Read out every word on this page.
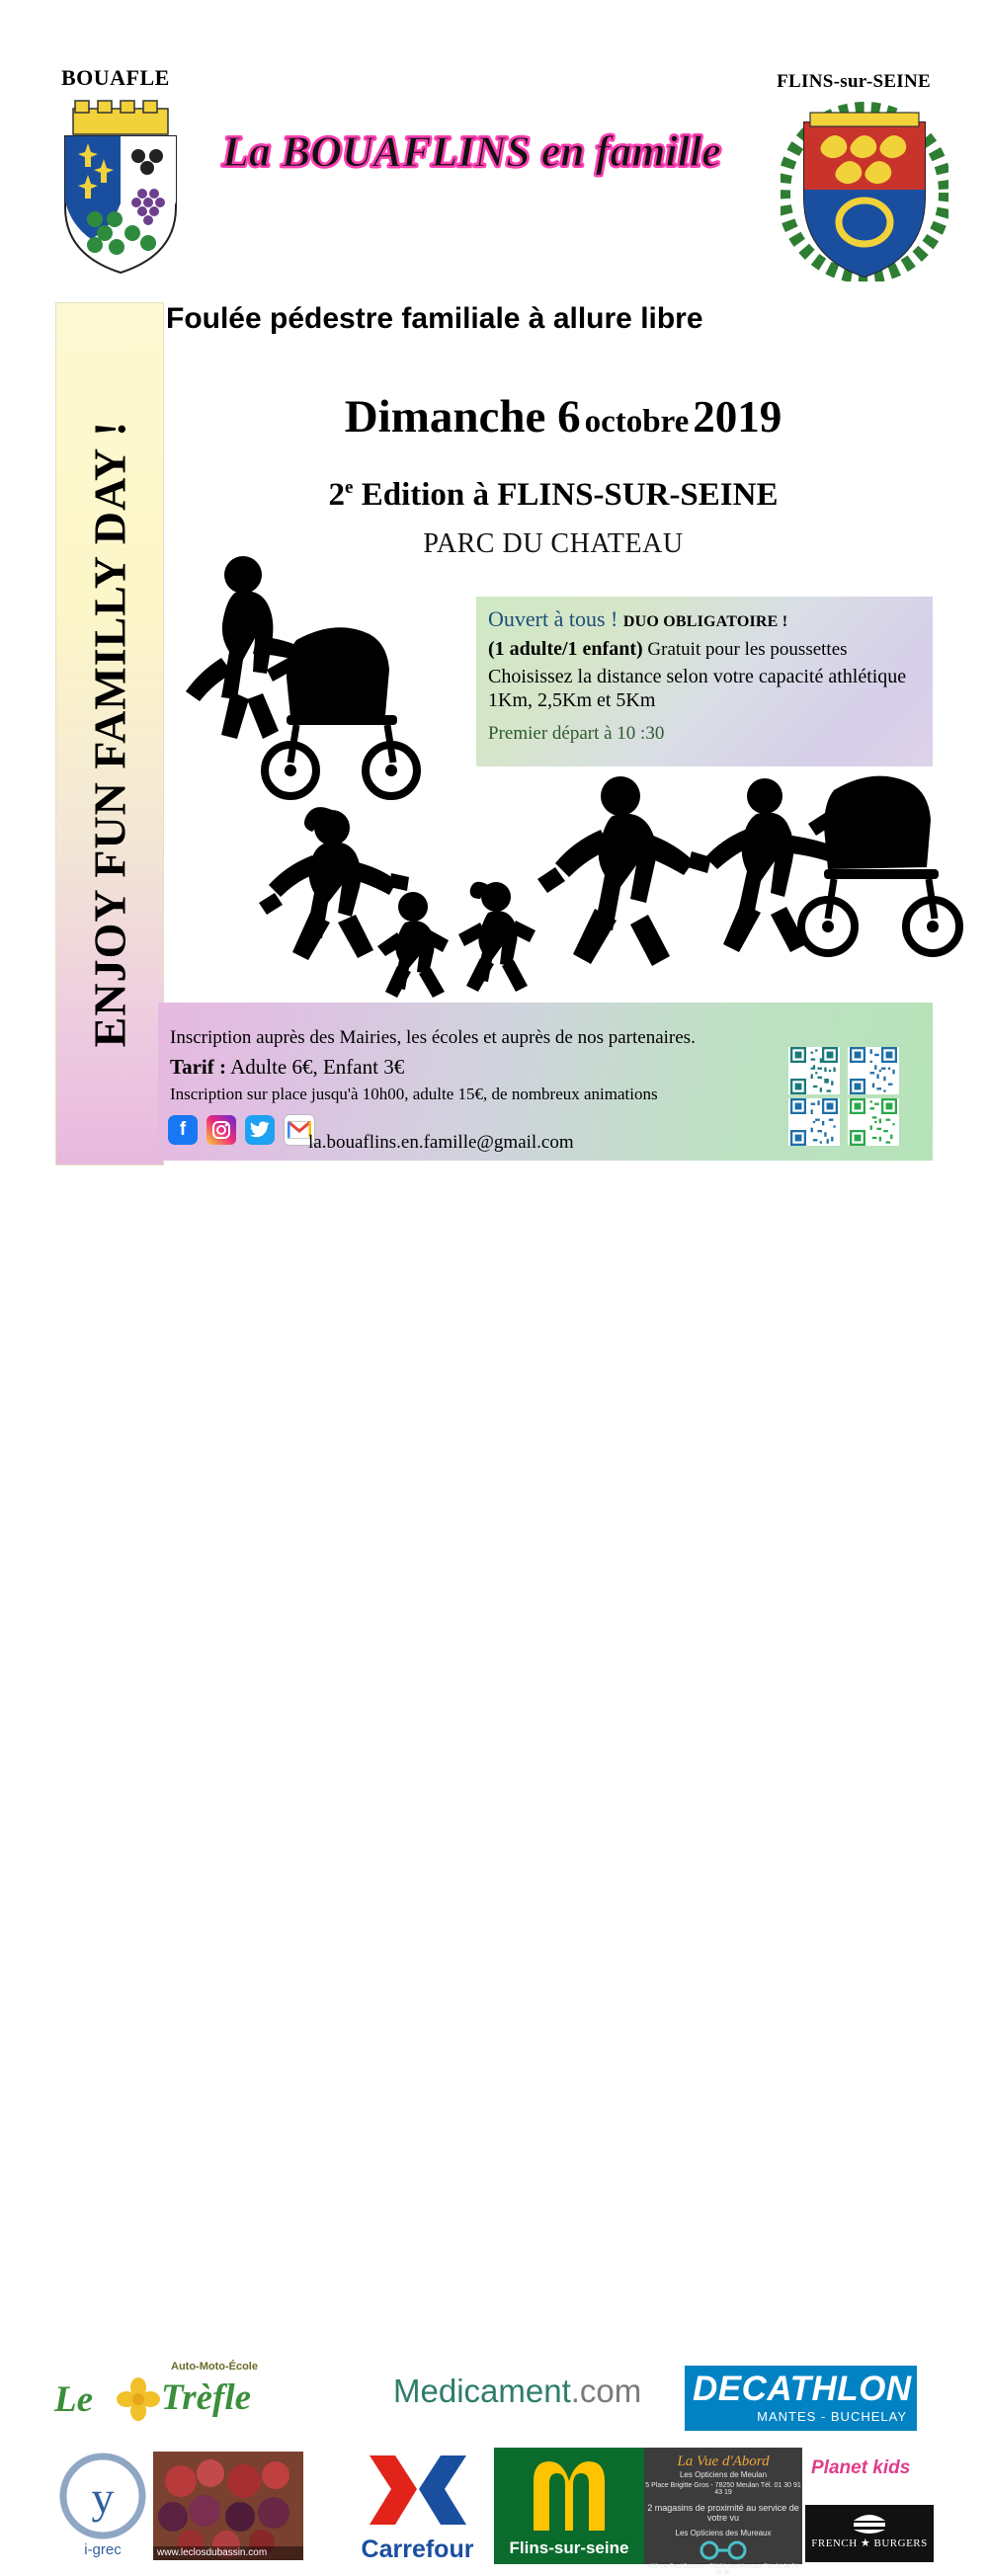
BOUAFLE	FLINS-sur-SEINE
La BOUAFLINS en famille
ENJOY FUN FAMILLY DAY !
Foulée pédestre familiale à allure libre
Dimanche 6 octobre 2019
2e Edition à FLINS-SUR-SEINE
PARC DU CHATEAU
Ouvert à tous ! DUO OBLIGATOIRE !
(1 adulte/1 enfant) Gratuit pour les poussettes
Choisissez la distance selon votre capacité athlétique 1Km, 2,5Km et 5Km
Premier départ à 10 :30
Inscription auprès des Mairies, les écoles et auprès de nos partenaires.
Tarif : Adulte 6€, Enfant 3€
Inscription sur place jusqu'à 10h00, adulte 15€, de nombreux animations
f
la.bouaflins.en.famille@gmail.com
Auto-Moto-École
Le Trèfle	Medicament.com	DECATHLON
MANTES - BUCHELAY
y
i-grec	www.leclosdubassin.com	Carrefour	Flins-sur-seine
La Vue d'Abord
Les Opticiens de Meulan
5 Place Brigitte Gros - 78250 Meulan Tél. 01 30 91 43 19
2 magasins de proximité au service de votre vu
Les Opticiens des Mureaux
489 rue Paul Doumer - 78130 Les Mureaux Tél. 01 34 74 25 80
Planet kids
FRENCH ★ BURGERS
